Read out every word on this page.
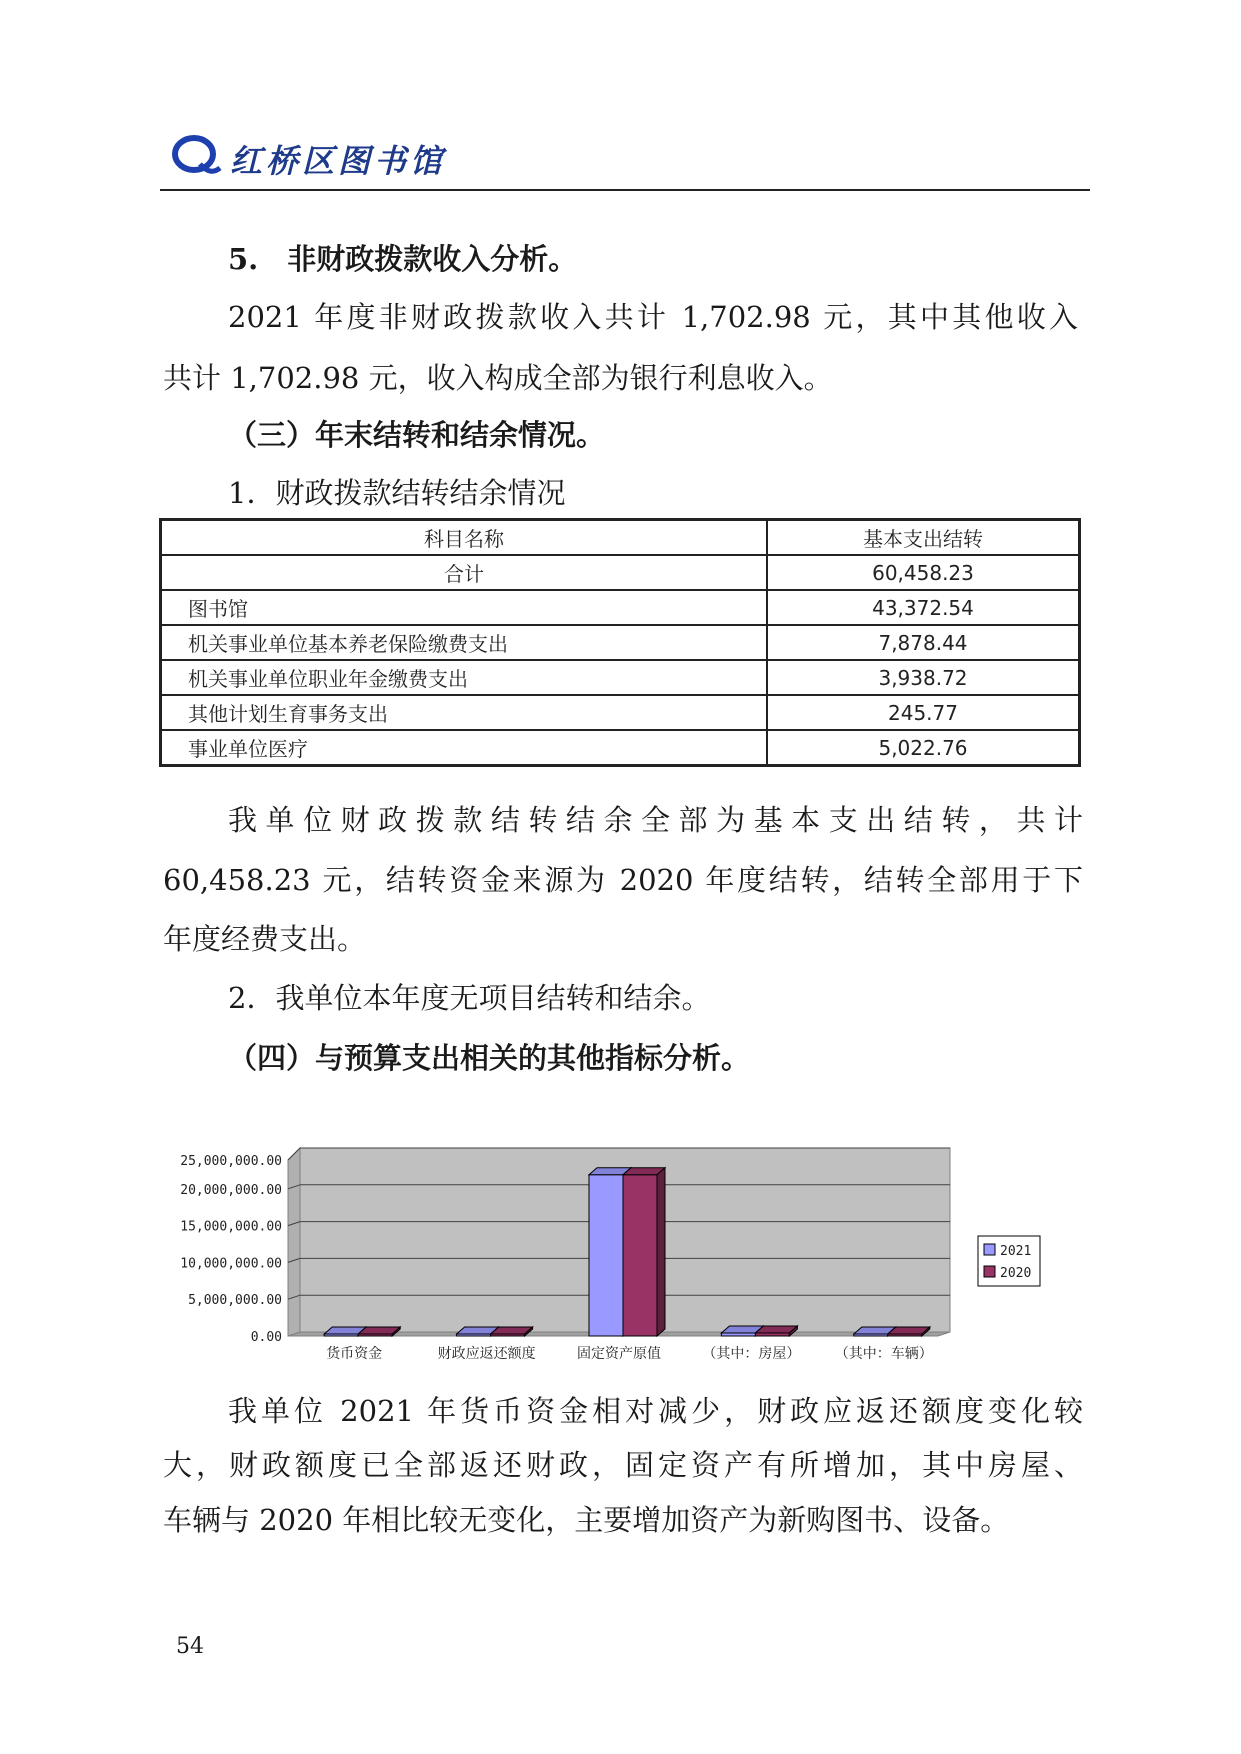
红桥区图书馆
5.　非财政拨款收入分析。
2021 年度非财政拨款收入共计 1,702.98 元，其中其他收入
共计 1,702.98 元，收入构成全部为银行利息收入。
（三）年末结转和结余情况。
1．财政拨款结转结余情况
科目名称	基本支出结转
合计	60,458.23
图书馆	43,372.54
机关事业单位基本养老保险缴费支出	7,878.44
机关事业单位职业年金缴费支出	3,938.72
其他计划生育事务支出	245.77
事业单位医疗	5,022.76
我单位财政拨款结转结余全部为基本支出结转，共计
60,458.23 元，结转资金来源为 2020 年度结转，结转全部用于下
年度经费支出。
2．我单位本年度无项目结转和结余。
（四）与预算支出相关的其他指标分析。
25,000,000.00
20,000,000.00
15,000,000.00
10,000,000.00
5,000,000.00
0.00
货币资金	财政应返还额度	固定资产原值	（其中：房屋） （其中：车辆）
2021
2020
我单位 2021 年货币资金相对减少，财政应返还额度变化较
大，财政额度已全部返还财政，固定资产有所增加，其中房屋、
车辆与 2020 年相比较无变化，主要增加资产为新购图书、设备。
54
